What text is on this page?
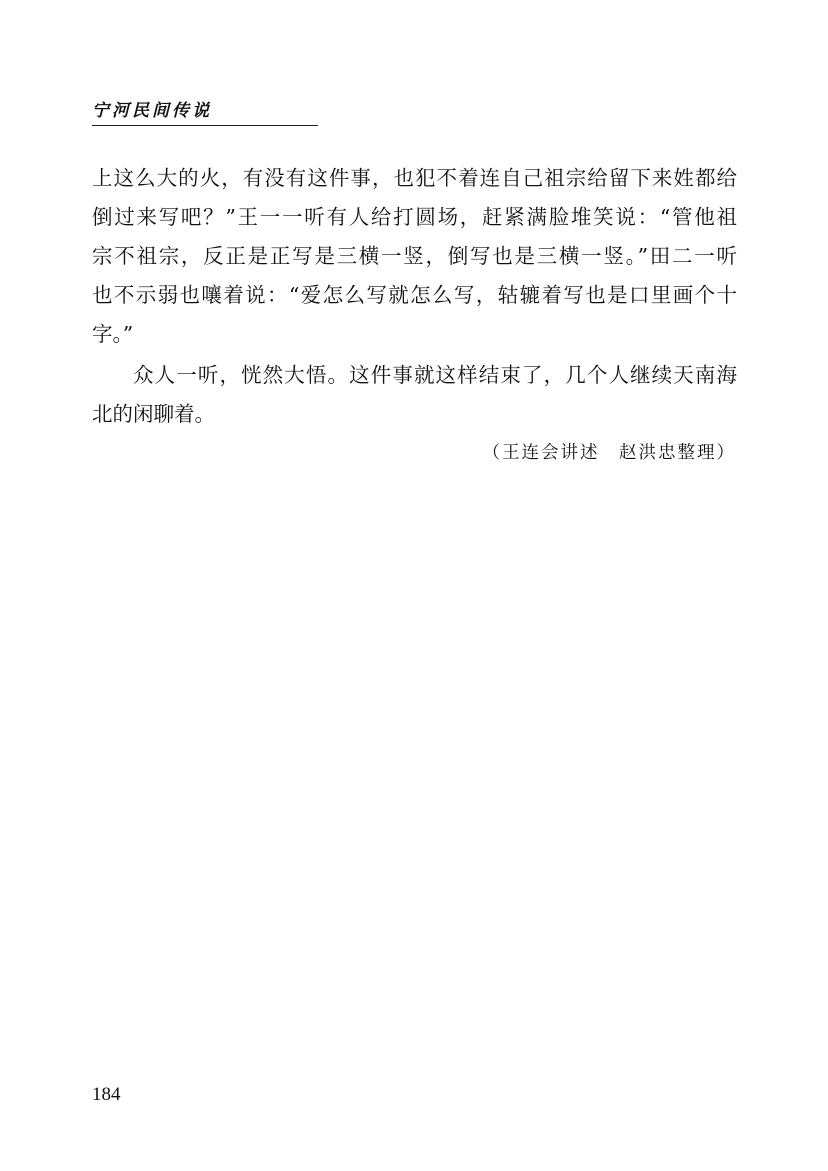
宁河民间传说
上这么大的火，有没有这件事，也犯不着连自己祖宗给留下来姓都给
倒过来写吧？”王一一听有人给打圆场，赶紧满脸堆笑说：“管他祖
宗不祖宗，反正是正写是三横一竖，倒写也是三横一竖。”田二一听
也不示弱也嚷着说：“爱怎么写就怎么写，轱辘着写也是口里画个十
字。”
众人一听，恍然大悟。这件事就这样结束了，几个人继续天南海
北的闲聊着。
（王连会讲述　赵洪忠整理）
184
